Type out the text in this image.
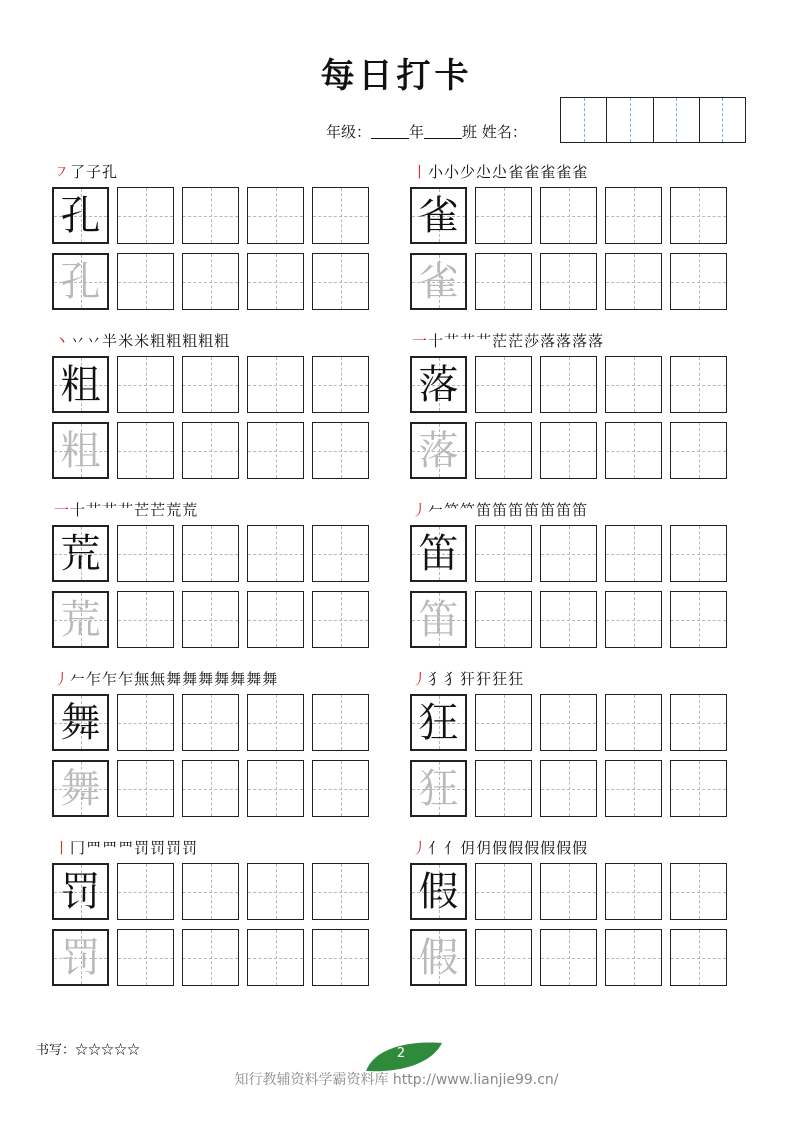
每日打卡
年级：	年	班 姓名：
㇇了子孔
孔
孔
丨小小少尐尐雀雀雀雀雀
雀
雀
丶丷丷半米米粗粗粗粗粗
粗
粗
一十艹艹艹茫茫莎落落落落
落
落
一十艹艹艹芒芒荒荒
荒
荒
丿𠂉𥫗𥫗笛笛笛笛笛笛笛
笛
笛
丿𠂉乍乍乍無無舞舞舞舞舞舞舞
舞
舞
丿犭犭犴犴狂狂
狂
狂
丨冂罒罒罒罚罚罚罚
罚
罚
丿亻亻仴仴假假假假假假
假
假
书写：☆☆☆☆☆	2
知行教辅资料学霸资料库 http://www.lianjie99.cn/
